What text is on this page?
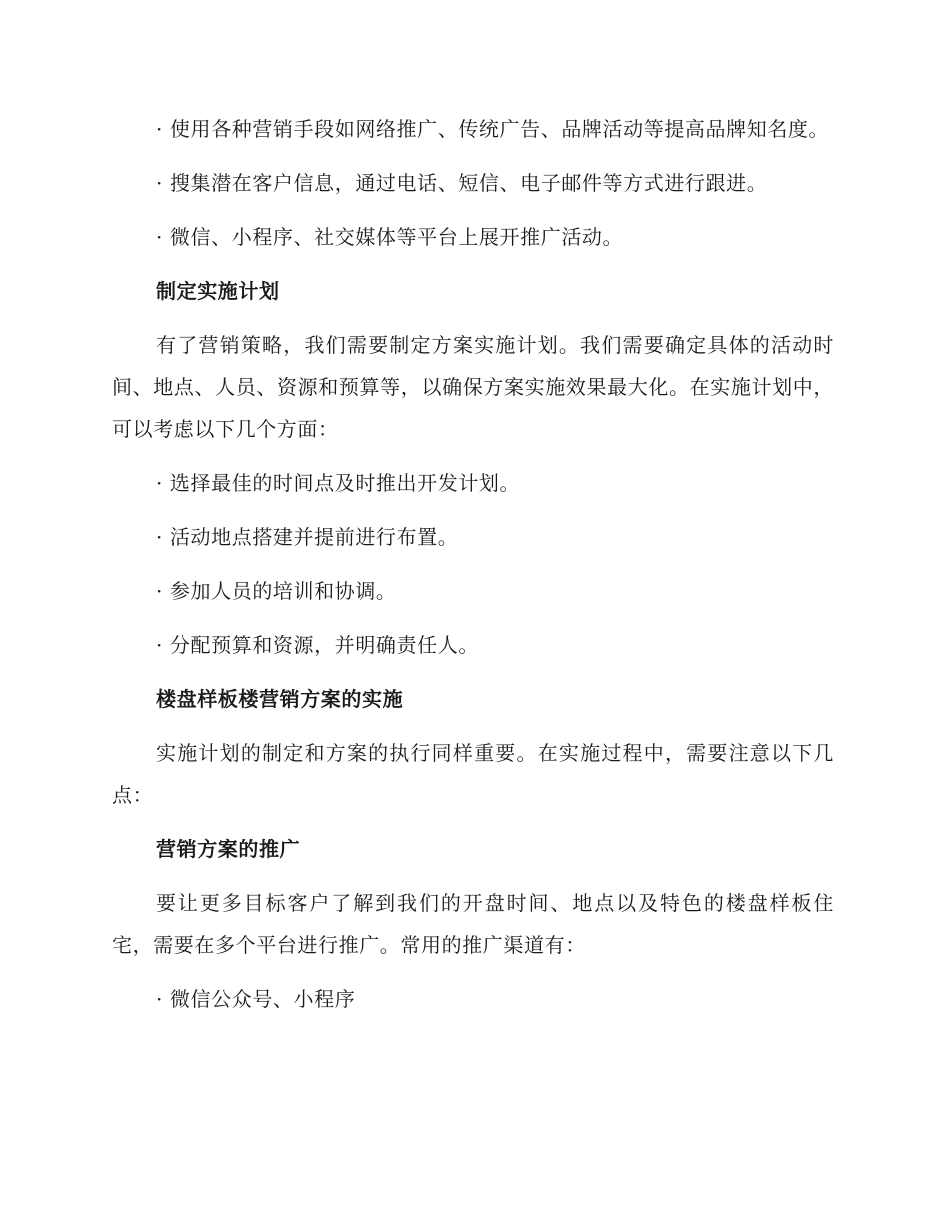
· 使用各种营销手段如网络推广、传统广告、品牌活动等提高品牌知名度。

· 搜集潜在客户信息，通过电话、短信、电子邮件等方式进行跟进。

· 微信、小程序、社交媒体等平台上展开推广活动。

制定实施计划

有了营销策略，我们需要制定方案实施计划。我们需要确定具体的活动时间、地点、人员、资源和预算等，以确保方案实施效果最大化。在实施计划中，可以考虑以下几个方面：

· 选择最佳的时间点及时推出开发计划。

· 活动地点搭建并提前进行布置。

· 参加人员的培训和协调。

· 分配预算和资源，并明确责任人。

楼盘样板楼营销方案的实施

实施计划的制定和方案的执行同样重要。在实施过程中，需要注意以下几点：

营销方案的推广

要让更多目标客户了解到我们的开盘时间、地点以及特色的楼盘样板住宅，需要在多个平台进行推广。常用的推广渠道有：

· 微信公众号、小程序
